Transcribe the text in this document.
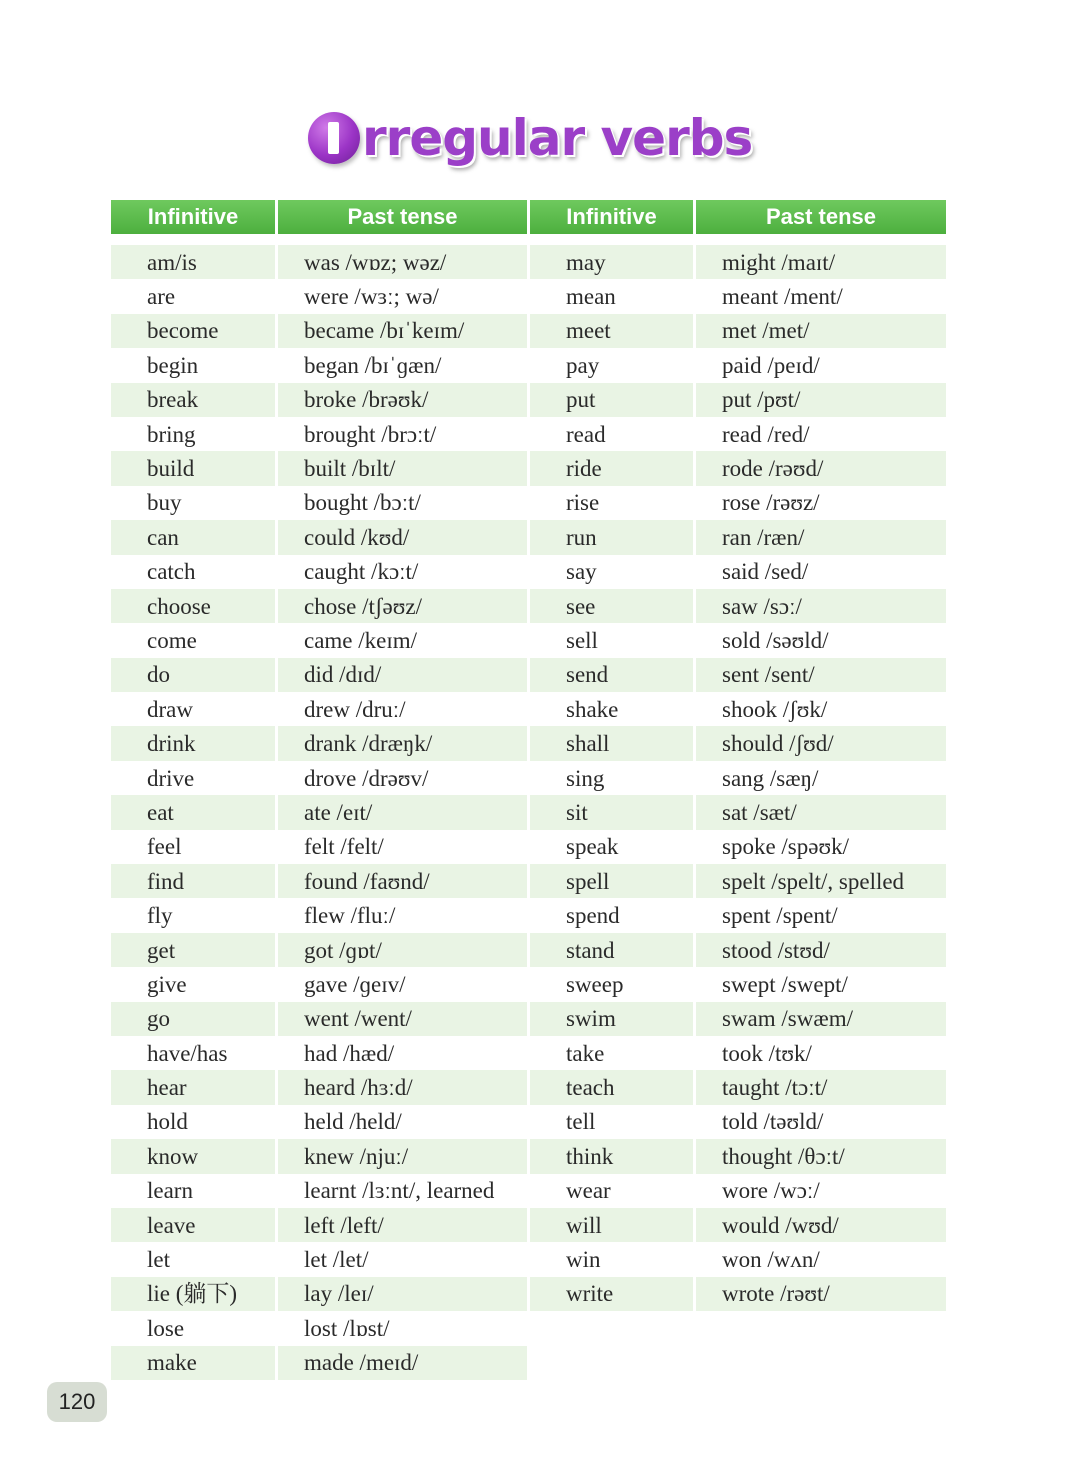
rregular verbs
Infinitive	Past tense	Infinitive	Past tense

am/is	was /wɒz; wəz/	may	might /maɪt/
are	were /wɜː; wə/	mean	meant /ment/
become	became /bɪˈkeɪm/	meet	met /met/
begin	began /bɪˈɡæn/	pay	paid /peɪd/
break	broke /brəʊk/	put	put /pʊt/
bring	brought /brɔːt/	read	read /red/
build	built /bɪlt/	ride	rode /rəʊd/
buy	bought /bɔːt/	rise	rose /rəʊz/
can	could /kʊd/	run	ran /ræn/
catch	caught /kɔːt/	say	said /sed/
choose	chose /tʃəʊz/	see	saw /sɔː/
come	came /keɪm/	sell	sold /səʊld/
do	did /dɪd/	send	sent /sent/
draw	drew /druː/	shake	shook /ʃʊk/
drink	drank /dræŋk/	shall	should /ʃʊd/
drive	drove /drəʊv/	sing	sang /sæŋ/
eat	ate /eɪt/	sit	sat /sæt/
feel	felt /felt/	speak	spoke /spəʊk/
find	found /faʊnd/	spell	spelt /spelt/, spelled
fly	flew /fluː/	spend	spent /spent/
get	got /ɡɒt/	stand	stood /stʊd/
give	gave /ɡeɪv/	sweep	swept /swept/
go	went /went/	swim	swam /swæm/
have/has	had /hæd/	take	took /tʊk/
hear	heard /hɜːd/	teach	taught /tɔːt/
hold	held /held/	tell	told /təʊld/
know	knew /njuː/	think	thought /θɔːt/
learn	learnt /lɜːnt/, learned	wear	wore /wɔː/
leave	left /left/	will	would /wʊd/
let	let /let/	win	won /wʌn/
lie (躺下)	lay /leɪ/	write	wrote /rəʊt/
lose	lost /lɒst/		
make	made /meɪd/		
120
